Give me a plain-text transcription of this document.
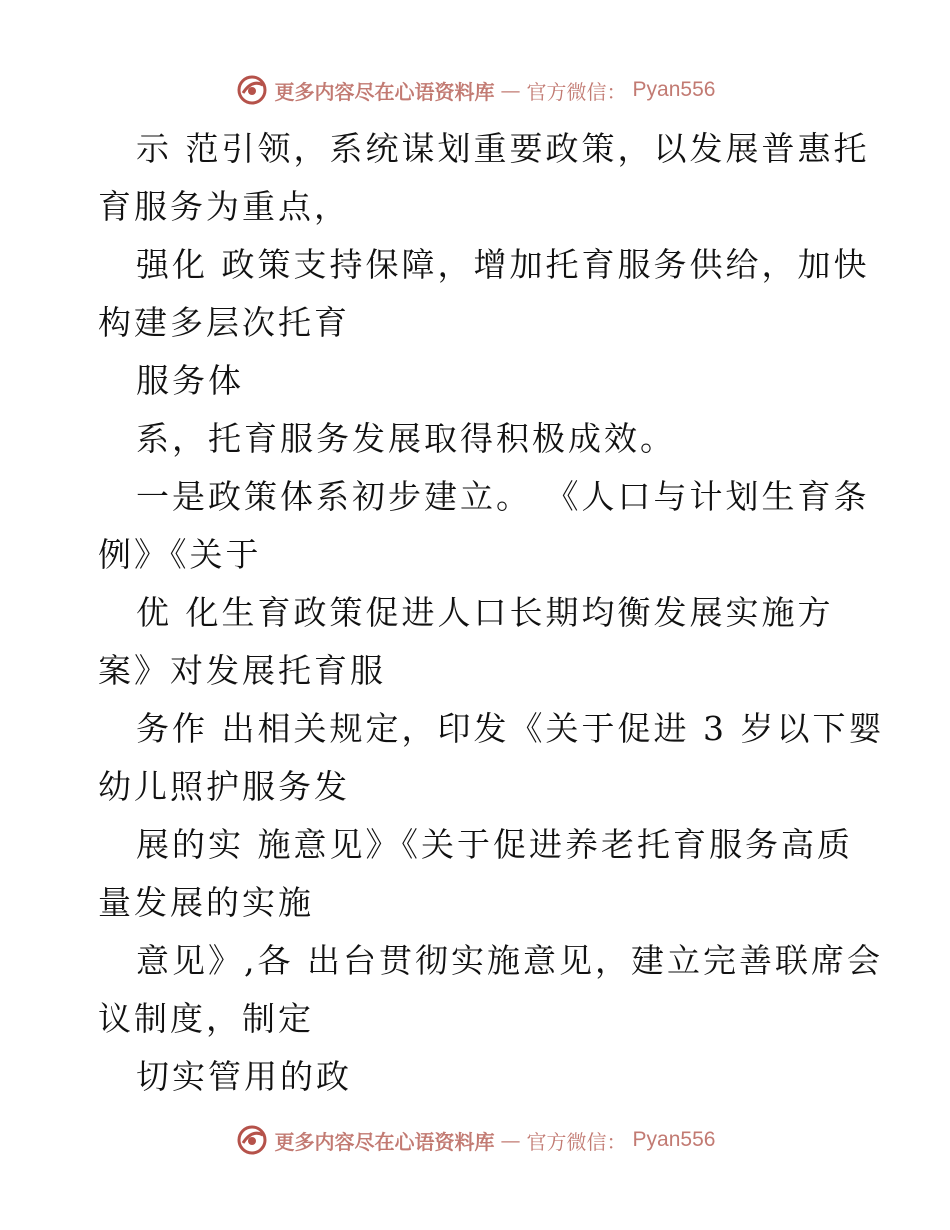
更多内容尽在心语资料库 — 官方微信： Pyan556
示 范引领，系统谋划重要政策，以发展普惠托
育服务为重点，
强化 政策支持保障，增加托育服务供给，加快
构建多层次托育
服务体
系，托育服务发展取得积极成效。
一是政策体系初步建立。 《人口与计划生育条
例》《关于
优 化生育政策促进人口长期均衡发展实施方
案》对发展托育服
务作 出相关规定，印发《关于促进 3 岁以下婴
幼儿照护服务发
展的实 施意见》《关于促进养老托育服务高质
量发展的实施
意见》,各 出台贯彻实施意见，建立完善联席会
议制度，制定
切实管用的政
更多内容尽在心语资料库 — 官方微信： Pyan556
